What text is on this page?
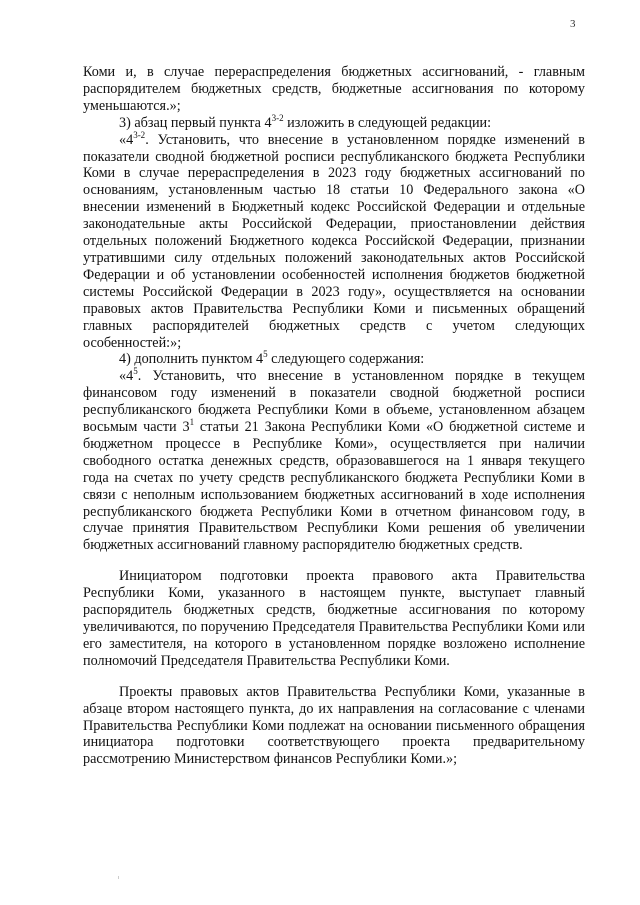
3

Коми и, в случае перераспределения бюджетных ассигнований, - главным распорядителем бюджетных средств, бюджетные ассигнования по которому уменьшаются.»;

3) абзац первый пункта 4$^{3-2}$ изложить в следующей редакции:

«4$^{3-2}$. Установить, что внесение в установленном порядке изменений в показатели сводной бюджетной росписи республиканского бюджета Республики Коми в случае перераспределения в 2023 году бюджетных ассигнований по основаниям, установленным частью 18 статьи 10 Федерального закона «О внесении изменений в Бюджетный кодекс Российской Федерации и отдельные законодательные акты Российской Федерации, приостановлении действия отдельных положений Бюджетного кодекса Российской Федерации, признании утратившими силу отдельных положений законодательных актов Российской Федерации и об установлении особенностей исполнения бюджетов бюджетной системы Российской Федерации в 2023 году», осуществляется на основании правовых актов Правительства Республики Коми и письменных обращений главных распорядителей бюджетных средств с учетом следующих особенностей:»;

4) дополнить пунктом $4^5$ следующего содержания:

«$4^5$. Установить, что внесение в установленном порядке в текущем финансовом году изменений в показатели сводной бюджетной росписи республиканского бюджета Республики Коми в объеме, установленном абзацем восьмым части $3^1$ статьи 21 Закона Республики Коми «О бюджетной системе и бюджетном процессе в Республике Коми», осуществляется при наличии свободного остатка денежных средств, образовавшегося на 1 января текущего года на счетах по учету средств республиканского бюджета Республики Коми в связи с неполным использованием бюджетных ассигнований в ходе исполнения республиканского бюджета Республики Коми в отчетном финансовом году, в случае принятия Правительством Республики Коми решения об увеличении бюджетных ассигнований главному распорядителю бюджетных средств.

Инициатором подготовки проекта правового акта Правительства Республики Коми, указанного в настоящем пункте, выступает главный распорядитель бюджетных средств, бюджетные ассигнования по которому увеличиваются, по поручению Председателя Правительства Республики Коми или его заместителя, на которого в установленном порядке возложено исполнение полномочий Председателя Правительства Республики Коми.

Проекты правовых актов Правительства Республики Коми, указанные в абзаце втором настоящего пункта, до их направления на согласование с членами Правительства Республики Коми подлежат на основании письменного обращения инициатора подготовки соответствующего проекта предварительному рассмотрению Министерством финансов Республики Коми.»;
